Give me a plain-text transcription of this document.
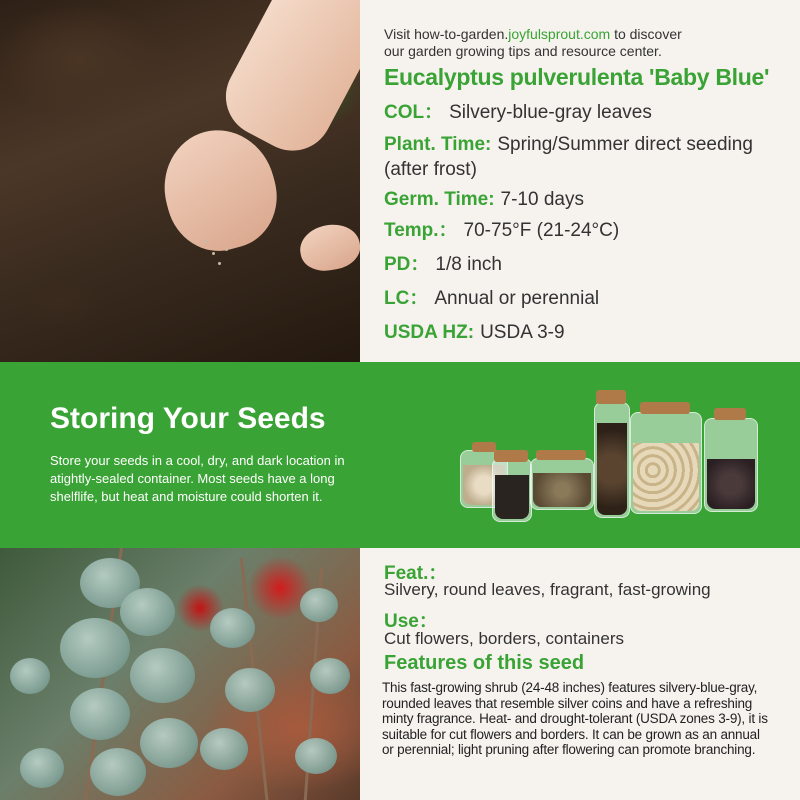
Visit how-to-garden.joyfulsprout.com to discover
our garden growing tips and resource center.
Eucalyptus pulverulenta 'Baby Blue'
COL： Silvery-blue-gray leaves
Plant. Time: Spring/Summer direct seeding (after frost)
Germ. Time: 7-10 days
Temp.： 70-75°F (21-24°C)
PD： 1/8 inch
LC： Annual or perennial
USDA HZ: USDA 3-9
Storing Your Seeds
Store your seeds in a cool, dry, and dark location in atightly-sealed container. Most seeds have a long shelflife, but heat and moisture could shorten it.
Feat.：
Silvery, round leaves, fragrant, fast-growing
Use：
Cut flowers, borders, containers
Features of this seed
This fast-growing shrub (24-48 inches) features silvery-blue-gray, rounded leaves that resemble silver coins and have a refreshing minty fragrance. Heat- and drought-tolerant (USDA zones 3-9), it is suitable for cut flowers and borders. It can be grown as an annual or perennial; light pruning after flowering can promote branching.
